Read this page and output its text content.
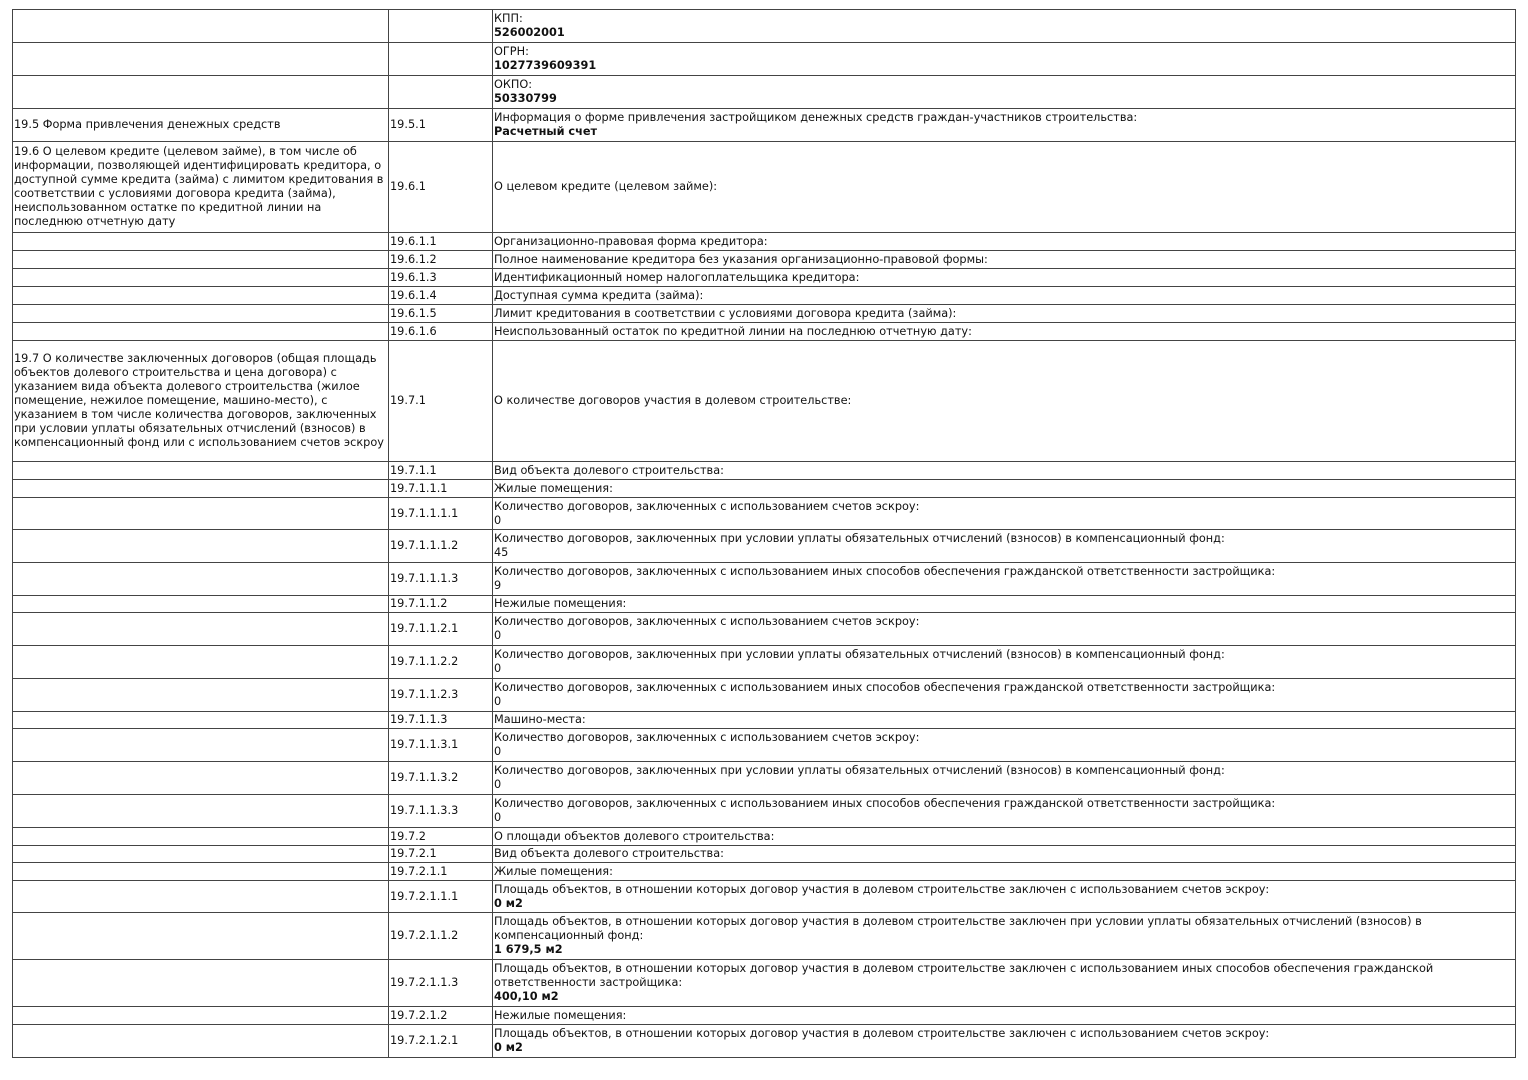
		КПП:
526002001

		ОГРН:
1027739609391

		ОКПО:
50330799

19.5 Форма привлечения денежных средств	19.5.1	Информация о форме привлечения застройщиком денежных средств граждан-участников строительства:
Расчетный счет

19.6 О целевом кредите (целевом займе), в том числе об информации, позволяющей идентифицировать кредитора, о доступной сумме кредита (займа) с лимитом кредитования в соответствии с условиями договора кредита (займа), неиспользованном остатке по кредитной линии на последнюю отчетную дату	19.6.1	О целевом кредите (целевом займе):
	19.6.1.1	Организационно-правовая форма кредитора:
	19.6.1.2	Полное наименование кредитора без указания организационно-правовой формы:
	19.6.1.3	Идентификационный номер налогоплательщика кредитора:
	19.6.1.4	Доступная сумма кредита (займа):
	19.6.1.5	Лимит кредитования в соответствии с условиями договора кредита (займа):
	19.6.1.6	Неиспользованный остаток по кредитной линии на последнюю отчетную дату:
19.7 О количестве заключенных договоров (общая площадь объектов долевого строительства и цена договора) с указанием вида объекта долевого строительства (жилое помещение, нежилое помещение, машино-место), с указанием в том числе количества договоров, заключенных при условии уплаты обязательных отчислений (взносов) в компенсационный фонд или с использованием счетов эскроу	19.7.1	О количестве договоров участия в долевом строительстве:
	19.7.1.1	Вид объекта долевого строительства:
	19.7.1.1.1	Жилые помещения:
	19.7.1.1.1.1	Количество договоров, заключенных с использованием счетов эскроу:
0

	19.7.1.1.1.2	Количество договоров, заключенных при условии уплаты обязательных отчислений (взносов) в компенсационный фонд:
45

	19.7.1.1.1.3	Количество договоров, заключенных с использованием иных способов обеспечения гражданской ответственности застройщика:
9

	19.7.1.1.2	Нежилые помещения:
	19.7.1.1.2.1	Количество договоров, заключенных с использованием счетов эскроу:
0

	19.7.1.1.2.2	Количество договоров, заключенных при условии уплаты обязательных отчислений (взносов) в компенсационный фонд:
0

	19.7.1.1.2.3	Количество договоров, заключенных с использованием иных способов обеспечения гражданской ответственности застройщика:
0

	19.7.1.1.3	Машино-места:
	19.7.1.1.3.1	Количество договоров, заключенных с использованием счетов эскроу:
0

	19.7.1.1.3.2	Количество договоров, заключенных при условии уплаты обязательных отчислений (взносов) в компенсационный фонд:
0

	19.7.1.1.3.3	Количество договоров, заключенных с использованием иных способов обеспечения гражданской ответственности застройщика:
0

	19.7.2	О площади объектов долевого строительства:
	19.7.2.1	Вид объекта долевого строительства:
	19.7.2.1.1	Жилые помещения:
	19.7.2.1.1.1	Площадь объектов, в отношении которых договор участия в долевом строительстве заключен с использованием счетов эскроу:
0 м2

	19.7.2.1.1.2	Площадь объектов, в отношении которых договор участия в долевом строительстве заключен при условии уплаты обязательных отчислений (взносов) в компенсационный фонд:
1 679,5 м2

	19.7.2.1.1.3	Площадь объектов, в отношении которых договор участия в долевом строительстве заключен с использованием иных способов обеспечения гражданской ответственности застройщика:
400,10 м2

	19.7.2.1.2	Нежилые помещения:
	19.7.2.1.2.1	Площадь объектов, в отношении которых договор участия в долевом строительстве заключен с использованием счетов эскроу:
0 м2
